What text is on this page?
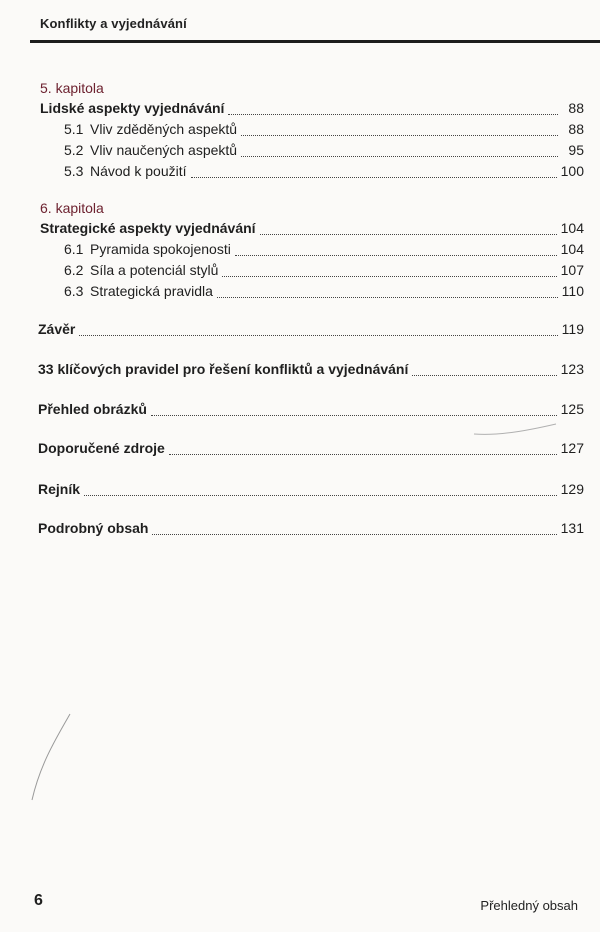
Konflikty a vyjednávání
5. kapitola
Lidské aspekty vyjednávání	88
5.1 Vliv zděděných aspektů	88
5.2 Vliv naučených aspektů	95
5.3 Návod k použití	100
6. kapitola
Strategické aspekty vyjednávání	104
6.1 Pyramida spokojenosti	104
6.2 Síla a potenciál stylů	107
6.3 Strategická pravidla	110
Závěr	119
33 klíčových pravidel pro řešení konfliktů a vyjednávání	123
Přehled obrázků	125
Doporučené zdroje	127
Rejník	129
Podrobný obsah	131
6	Přehledný obsah
